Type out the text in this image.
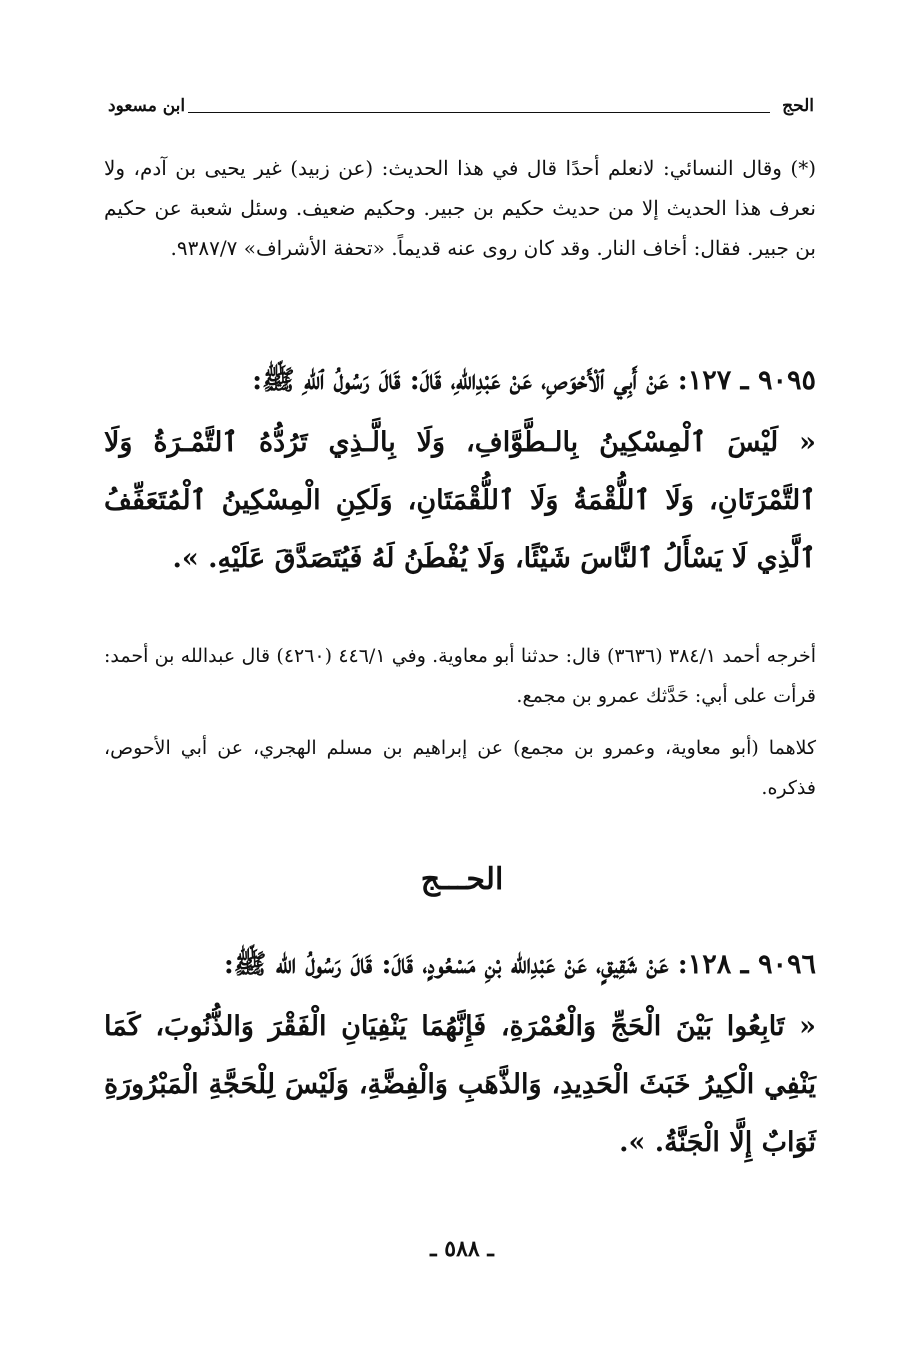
الحج
ابن مسعود
(*) وقال النسائي: لانعلم أحدًا قال في هذا الحديث: (عن زبيد) غير يحيى بن آدم، ولا نعرف هذا الحديث إلا من حديث حكيم بن جبير. وحكيم ضعيف. وسئل شعبة عن حكيم بن جبير. فقال: أخاف النار. وقد كان روى عنه قديماً. «تحفة الأشراف» ٩٣٨٧/٧.
٩٠٩٥ ـ ١٢٧: عَنْ أَبِي ٱلْأَحْوَصِ، عَنْ عَبْدِاللهِ، قَالَ: قَالَ رَسُولُ ٱللهِ ﷺ:
« لَيْسَ ٱلْمِسْكِينُ بِالـطَّوَّافِ، وَلَا بِالَّـذِي تَرُدُّهُ ٱلتَّمْـرَةُ وَلَا ٱلتَّمْرَتَانِ، وَلَا ٱللُّقْمَةُ وَلَا ٱللُّقْمَتَانِ، وَلَكِنِ الْمِسْكِينُ ٱلْمُتَعَفِّفُ ٱلَّذِي لَا يَسْأَلُ ٱلنَّاسَ شَيْئًا، وَلَا يُفْطَنُ لَهُ فَيُتَصَدَّقَ عَلَيْهِ. ».
أخرجه أحمد ٣٨٤/١ (٣٦٣٦) قال: حدثنا أبو معاوية. وفي ٤٤٦/١ (٤٢٦٠) قال عبدالله بن أحمد: قرأت على أبي: حَدَّثك عمرو بن مجمع.
كلاهما (أبو معاوية، وعمرو بن مجمع) عن إبراهيم بن مسلم الهجري، عن أبي الأحوص، فذكره.
الحـــج
٩٠٩٦ ـ ١٢٨: عَنْ شَقِيقٍ، عَنْ عَبْدِالله بْنِ مَسْعُودٍ، قَالَ: قَالَ رَسُولُ الله ﷺ:
« تَابِعُوا بَيْنَ الْحَجِّ وَالْعُمْرَةِ، فَإِنَّهُمَا يَنْفِيَانِ الْفَقْرَ وَالذُّنُوبَ، كَمَا يَنْفِي الْكِيرُ خَبَثَ الْحَدِيدِ، وَالذَّهَبِ وَالْفِضَّةِ، وَلَيْسَ لِلْحَجَّةِ الْمَبْرُورَةِ ثَوَابٌ إِلَّا الْجَنَّةُ. ».
ـ ٥٨٨ ـ
